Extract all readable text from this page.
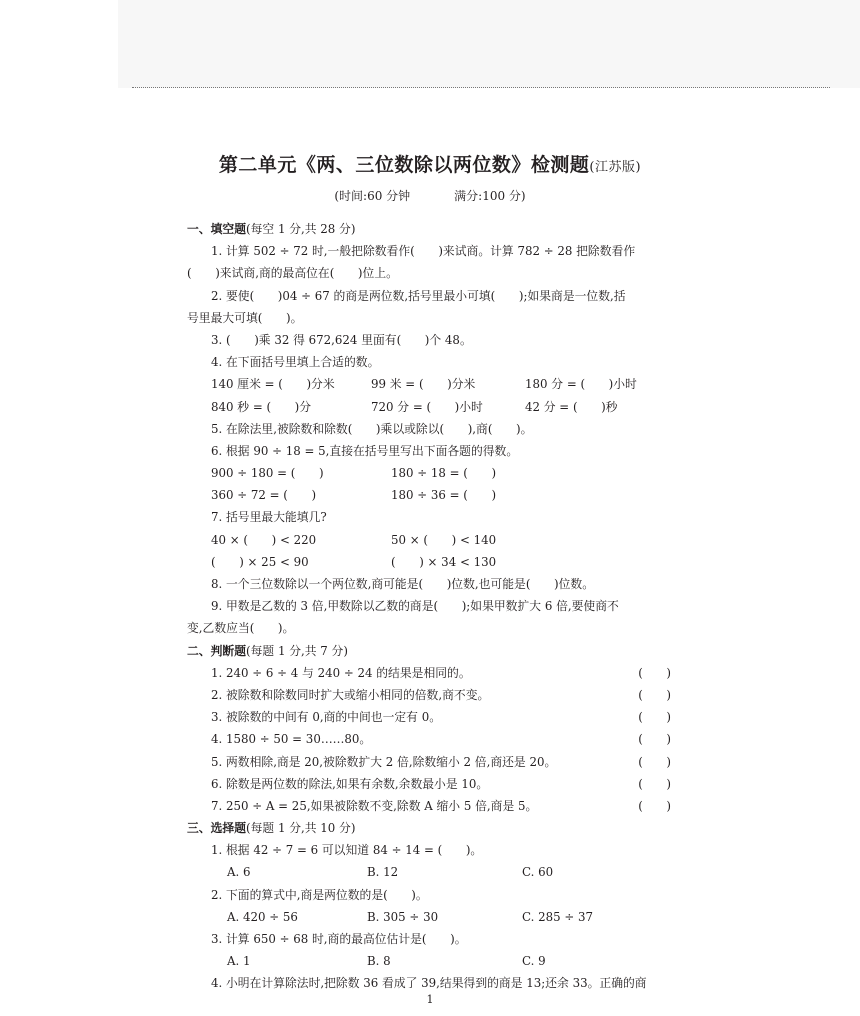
第二单元《两、三位数除以两位数》检测题(江苏版)
(时间:60 分钟	满分:100 分)
一、填空题(每空 1 分,共 28 分)
1. 计算 502 ÷ 72 时,一般把除数看作(　　)来试商。计算 782 ÷ 28 把除数看作
(　　)来试商,商的最高位在(　　)位上。
2. 要使(　　)04 ÷ 67 的商是两位数,括号里最小可填(　　);如果商是一位数,括
号里最大可填(　　)。
3. (　　)乘 32 得 672,624 里面有(　　)个 48。
4. 在下面括号里填上合适的数。
140 厘米 = (　　)分米	99 米 = (　　)分米	180 分 = (　　)小时
840 秒 = (　　)分	720 分 = (　　)小时	42 分 = (　　)秒
5. 在除法里,被除数和除数(　　)乘以或除以(　　),商(　　)。
6. 根据 90 ÷ 18 = 5,直接在括号里写出下面各题的得数。
900 ÷ 180 = (　　)	180 ÷ 18 = (　　)
360 ÷ 72 = (　　)	180 ÷ 36 = (　　)
7. 括号里最大能填几?
40 × (　　) < 220	50 × (　　) < 140
(　　) × 25 < 90	(　　) × 34 < 130
8. 一个三位数除以一个两位数,商可能是(　　)位数,也可能是(　　)位数。
9. 甲数是乙数的 3 倍,甲数除以乙数的商是(　　);如果甲数扩大 6 倍,要使商不
变,乙数应当(　　)。
二、判断题(每题 1 分,共 7 分)
1. 240 ÷ 6 ÷ 4 与 240 ÷ 24 的结果是相同的。	(　　)
2. 被除数和除数同时扩大或缩小相同的倍数,商不变。	(　　)
3. 被除数的中间有 0,商的中间也一定有 0。	(　　)
4. 1580 ÷ 50 = 30……80。	(　　)
5. 两数相除,商是 20,被除数扩大 2 倍,除数缩小 2 倍,商还是 20。	(　　)
6. 除数是两位数的除法,如果有余数,余数最小是 10。	(　　)
7. 250 ÷ A = 25,如果被除数不变,除数 A 缩小 5 倍,商是 5。	(　　)
三、选择题(每题 1 分,共 10 分)
1. 根据 42 ÷ 7 = 6 可以知道 84 ÷ 14 = (　　)。
A. 6	B. 12	C. 60
2. 下面的算式中,商是两位数的是(　　)。
A. 420 ÷ 56	B. 305 ÷ 30	C. 285 ÷ 37
3. 计算 650 ÷ 68 时,商的最高位估计是(　　)。
A. 1	B. 8	C. 9
4. 小明在计算除法时,把除数 36 看成了 39,结果得到的商是 13;还余 33。正确的商
1
